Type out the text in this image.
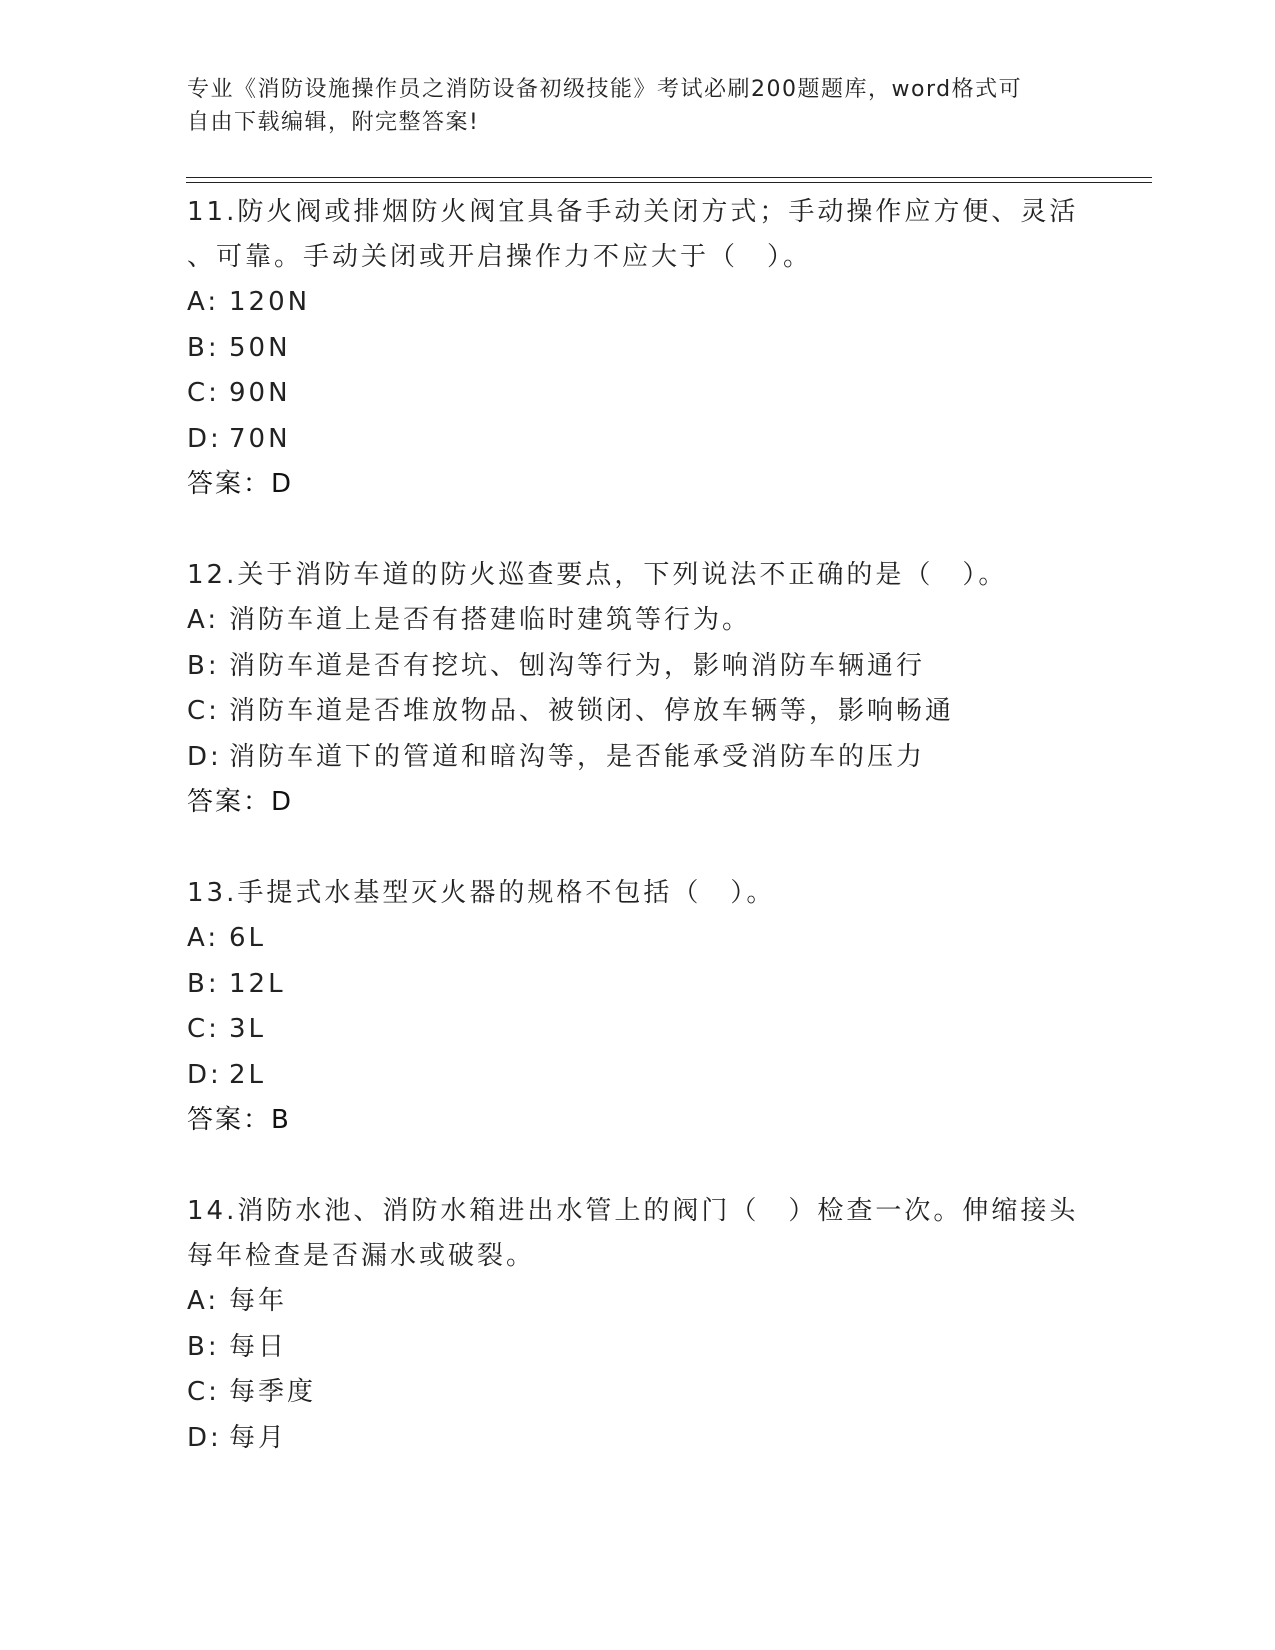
专业《消防设施操作员之消防设备初级技能》考试必刷200题题库，word格式可
自由下载编辑，附完整答案!

11.防火阀或排烟防火阀宜具备手动关闭方式；手动操作应方便、灵活

、可靠。手动关闭或开启操作力不应大于（　）。

A: 120N

B: 50N

C: 90N

D: 70N

答案：D

12.关于消防车道的防火巡查要点，下列说法不正确的是（　）。

A: 消防车道上是否有搭建临时建筑等行为。

B: 消防车道是否有挖坑、刨沟等行为，影响消防车辆通行

C: 消防车道是否堆放物品、被锁闭、停放车辆等，影响畅通

D: 消防车道下的管道和暗沟等，是否能承受消防车的压力

答案：D

13.手提式水基型灭火器的规格不包括（　）。

A: 6L

B: 12L

C: 3L

D: 2L

答案：B

14.消防水池、消防水箱进出水管上的阀门（　）检查一次。伸缩接头

每年检查是否漏水或破裂。

A: 每年

B: 每日

C: 每季度

D: 每月
